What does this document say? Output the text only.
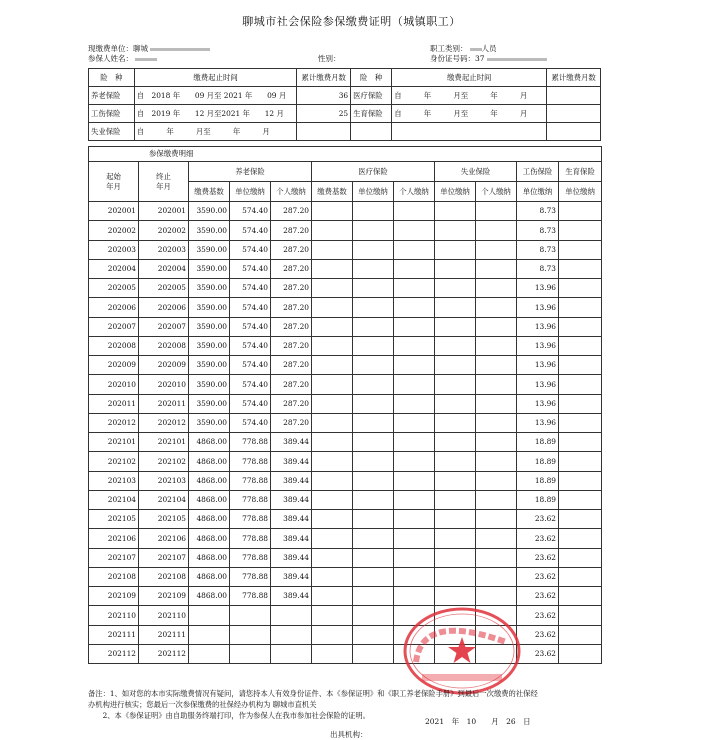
聊城市社会保险参保缴费证明（城镇职工）
现缴费单位：聊城
参保人姓名：	性别：
职工类别： 人员
身份证号码：37
险　种	缴费起止时间	累计缴费月数	险　种	缴费起止时间	累计缴费月数
养老保险	自　2018 年　　09 月至 2021 年　　09 月	36	医疗保险	自　　　年　　　月至　　　年　　　月	
工伤保险	自　2019 年　　12 月至2021 年　　12 月	25	生育保险	自　　　年　　　月至　　　年　　　月	
失业保险	自　　　年　　　月至　　　年　　　月				
参保缴费明细											
起始
年月	终止
年月	养老保险			医疗保险			失业保险		工伤保险	生育保险
		缴费基数	单位缴纳	个人缴纳	缴费基数	单位缴纳	个人缴纳	单位缴纳	个人缴纳	单位缴纳	单位缴纳
202001	202001	3590.00	574.40	287.20						8.73	
202002	202002	3590.00	574.40	287.20						8.73	
202003	202003	3590.00	574.40	287.20						8.73	
202004	202004	3590.00	574.40	287.20						8.73	
202005	202005	3590.00	574.40	287.20						13.96	
202006	202006	3590.00	574.40	287.20						13.96	
202007	202007	3590.00	574.40	287.20						13.96	
202008	202008	3590.00	574.40	287.20						13.96	
202009	202009	3590.00	574.40	287.20						13.96	
202010	202010	3590.00	574.40	287.20						13.96	
202011	202011	3590.00	574.40	287.20						13.96	
202012	202012	3590.00	574.40	287.20						13.96	
202101	202101	4868.00	778.88	389.44						18.89	
202102	202102	4868.00	778.88	389.44						18.89	
202103	202103	4868.00	778.88	389.44						18.89	
202104	202104	4868.00	778.88	389.44						18.89	
202105	202105	4868.00	778.88	389.44						23.62	
202106	202106	4868.00	778.88	389.44						23.62	
202107	202107	4868.00	778.88	389.44						23.62	
202108	202108	4868.00	778.88	389.44						23.62	
202109	202109	4868.00	778.88	389.44						23.62	
202110	202110									23.62	
202111	202111									23.62	
202112	202112									23.62	
备注：1、如对您的本市实际缴费情况有疑问，请您持本人有效身份证件、本《参保证明》和《职工养老保险手册》到最后一次缴费的社保经
办机构进行核实；您最后一次参保缴费的社保经办机构为 聊城市直机关
　　2、本《参保证明》由自助服务终端打印，作为参保人在我市参加社会保险的证明。
2021　年　10　　月　26　日
出具机构：
